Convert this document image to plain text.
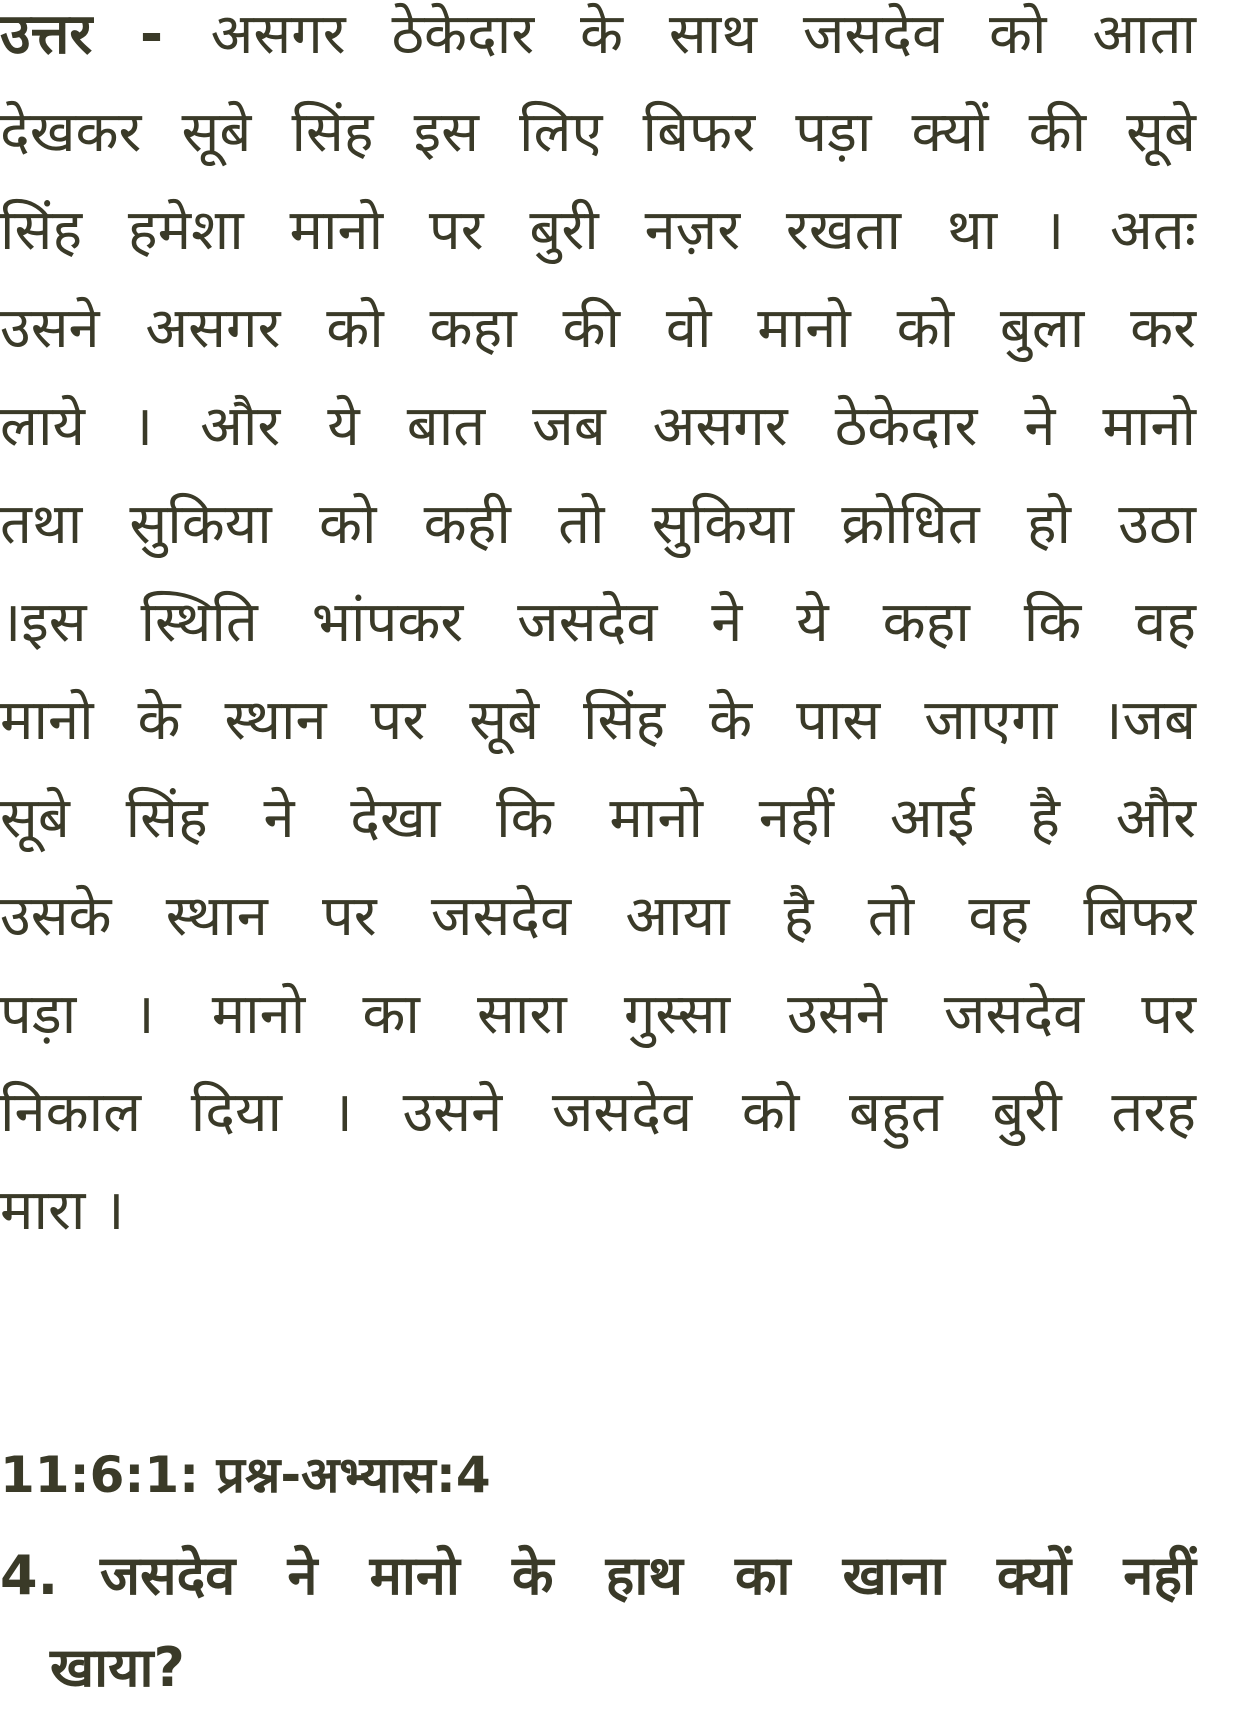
उत्तर - असगर ठेकेदार के साथ जसदेव को आता
देखकर सूबे सिंह इस लिए बिफर पड़ा क्यों की सूबे
सिंह हमेशा मानो पर बुरी नज़र रखता था । अतः
उसने असगर को कहा की वो मानो को बुला कर
लाये । और ये बात जब असगर ठेकेदार ने मानो
तथा सुकिया को कही तो सुकिया क्रोधित हो उठा
।इस स्थिति भांपकर जसदेव ने ये कहा कि वह
मानो के स्थान पर सूबे सिंह के पास जाएगा ।जब
सूबे सिंह ने देखा कि मानो नहीं आई है और
उसके स्थान पर जसदेव आया है तो वह बिफर
पड़ा । मानो का सारा गुस्सा उसने जसदेव पर
निकाल दिया । उसने जसदेव को बहुत बुरी तरह
मारा ।
11:6:1: प्रश्न-अभ्यास:4
4. जसदेव ने मानो के हाथ का खाना क्यों नहीं
खाया?
